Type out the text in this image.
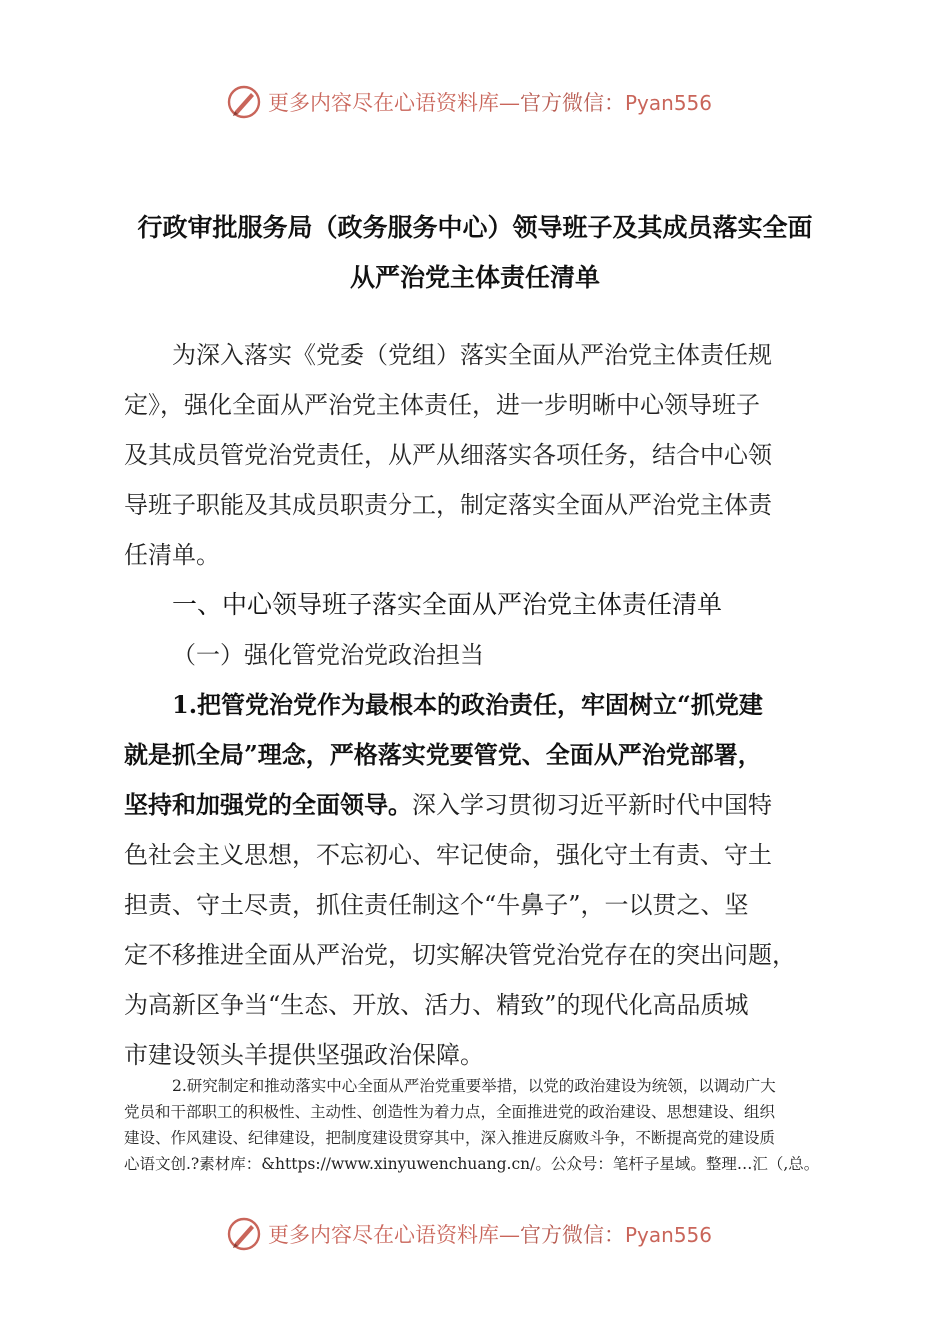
更多内容尽在心语资料库—官方微信：Pyan556
行政审批服务局（政务服务中心）领导班子及其成员落实全面
从严治党主体责任清单
为深入落实《党委（党组）落实全面从严治党主体责任规
定》，强化全面从严治党主体责任，进一步明晰中心领导班子
及其成员管党治党责任，从严从细落实各项任务，结合中心领
导班子职能及其成员职责分工，制定落实全面从严治党主体责
任清单。
一、中心领导班子落实全面从严治党主体责任清单
（一）强化管党治党政治担当
1.把管党治党作为最根本的政治责任，牢固树立“抓党建
就是抓全局”理念，严格落实党要管党、全面从严治党部署，
坚持和加强党的全面领导。深入学习贯彻习近平新时代中国特
色社会主义思想，不忘初心、牢记使命，强化守土有责、守土
担责、守土尽责，抓住责任制这个“牛鼻子”，一以贯之、坚
定不移推进全面从严治党，切实解决管党治党存在的突出问题，
为高新区争当“生态、开放、活力、精致”的现代化高品质城
市建设领头羊提供坚强政治保障。
2.研究制定和推动落实中心全面从严治党重要举措，以党的政治建设为统领，以调动广大
党员和干部职工的积极性、主动性、创造性为着力点，全面推进党的政治建设、思想建设、组织
建设、作风建设、纪律建设，把制度建设贯穿其中，深入推进反腐败斗争，不断提高党的建设质
心语文创.?素材库：&https://www.xinyuwenchuang.cn/。公众号：笔杆子星域。整理…汇（,总。
更多内容尽在心语资料库—官方微信：Pyan556
